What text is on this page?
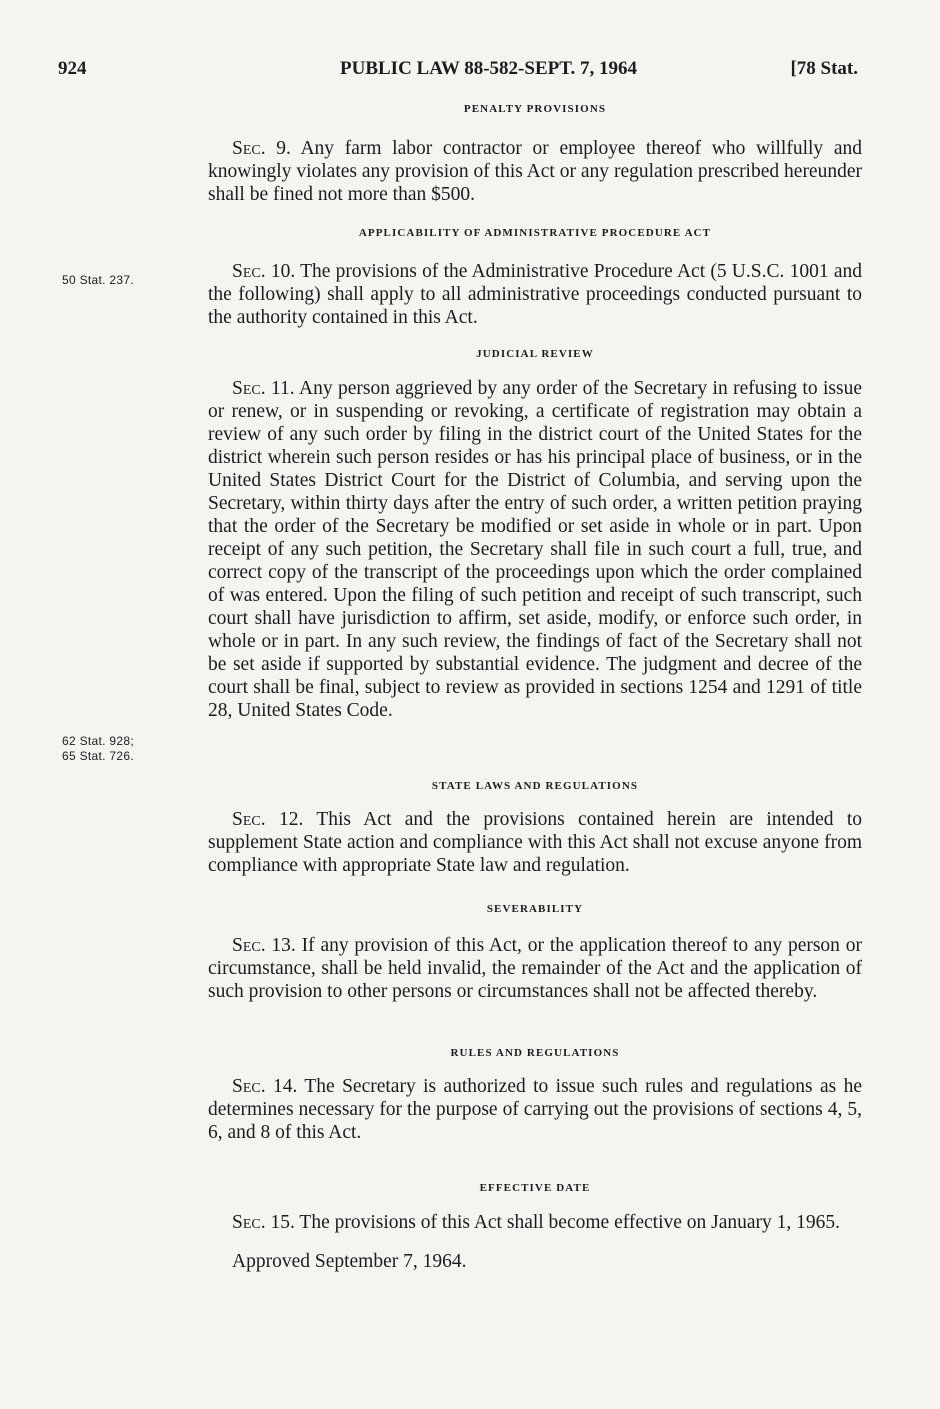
924	PUBLIC LAW 88-582-SEPT. 7, 1964	[78 Stat.
50 Stat. 237.
62 Stat. 928;
65 Stat. 726.
PENALTY PROVISIONS

Sec. 9. Any farm labor contractor or employee thereof who willfully and knowingly violates any provision of this Act or any regulation prescribed hereunder shall be fined not more than $500.

APPLICABILITY OF ADMINISTRATIVE PROCEDURE ACT

Sec. 10. The provisions of the Administrative Procedure Act (5 U.S.C. 1001 and the following) shall apply to all administrative proceedings conducted pursuant to the authority contained in this Act.

JUDICIAL REVIEW

Sec. 11. Any person aggrieved by any order of the Secretary in refusing to issue or renew, or in suspending or revoking, a certificate of registration may obtain a review of any such order by filing in the district court of the United States for the district wherein such person resides or has his principal place of business, or in the United States District Court for the District of Columbia, and serving upon the Secretary, within thirty days after the entry of such order, a written petition praying that the order of the Secretary be modified or set aside in whole or in part. Upon receipt of any such petition, the Secretary shall file in such court a full, true, and correct copy of the transcript of the proceedings upon which the order complained of was entered. Upon the filing of such petition and receipt of such transcript, such court shall have jurisdiction to affirm, set aside, modify, or enforce such order, in whole or in part. In any such review, the findings of fact of the Secretary shall not be set aside if supported by substantial evidence. The judgment and decree of the court shall be final, subject to review as provided in sections 1254 and 1291 of title 28, United States Code.

STATE LAWS AND REGULATIONS

Sec. 12. This Act and the provisions contained herein are intended to supplement State action and compliance with this Act shall not excuse anyone from compliance with appropriate State law and regulation.

SEVERABILITY

Sec. 13. If any provision of this Act, or the application thereof to any person or circumstance, shall be held invalid, the remainder of the Act and the application of such provision to other persons or circumstances shall not be affected thereby.

RULES AND REGULATIONS

Sec. 14. The Secretary is authorized to issue such rules and regulations as he determines necessary for the purpose of carrying out the provisions of sections 4, 5, 6, and 8 of this Act.

EFFECTIVE DATE

Sec. 15. The provisions of this Act shall become effective on January 1, 1965.

Approved September 7, 1964.
